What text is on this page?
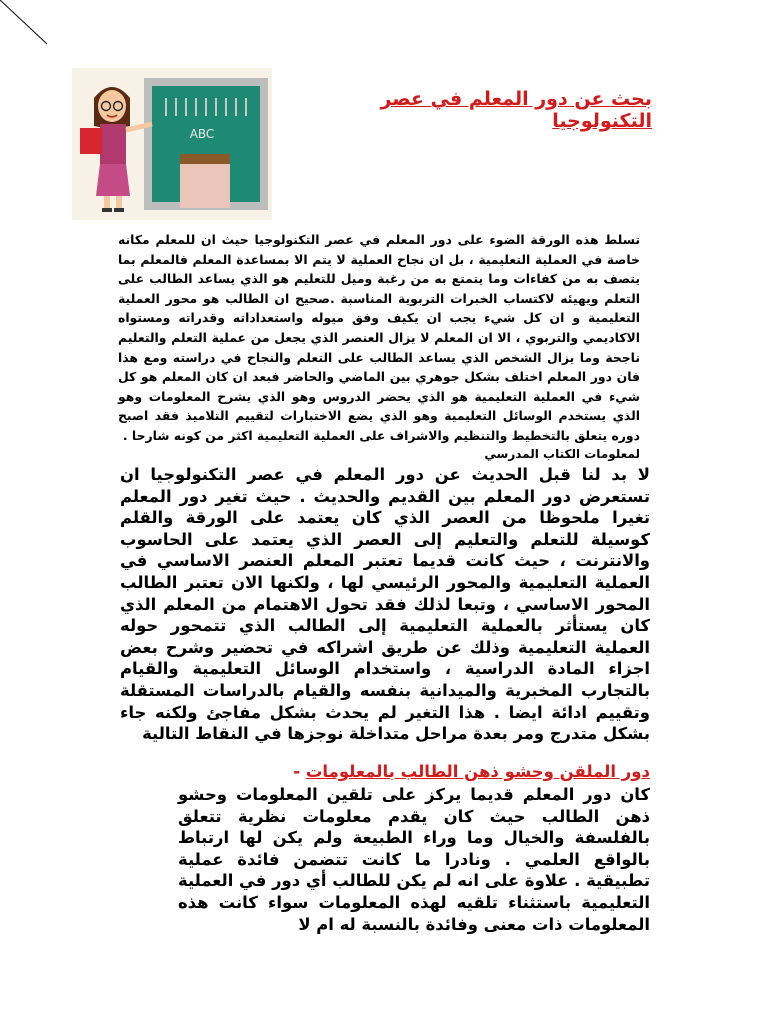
ABC
بحث عن دور المعلم في عصر التكنولوجيا

تسلط هذه الورقة الضوء على دور المعلم في عصر التكنولوجيا حيث ان للمعلم مكانه خاصة في العملية التعليمية ، بل ان نجاح العملية لا يتم الا بمساعدة المعلم فالمعلم بما يتصف به من كفاءات وما يتمتع به من رغبة وميل للتعليم هو الذي يساعد الطالب على التعلم ويهيئه لاكتساب الخبرات التربوية المناسبة .صحيح ان الطالب هو محور العملية التعليمية و ان كل شيء يجب ان يكيف وفق ميوله واستعداداته وقدراته ومستواه الاكاديمي والتربوي ، الا ان المعلم لا يزال العنصر الذي يجعل من عملية التعلم والتعليم ناجحة وما يزال الشخص الذي يساعد الطالب على التعلم والنجاح في دراسته ومع هذا فان دور المعلم اختلف بشكل جوهري بين الماضي والحاضر فبعد ان كان المعلم هو كل شيء في العملية التعليمية هو الذي يحضر الدروس وهو الذي يشرح المعلومات وهو الذي يستخدم الوسائل التعليمية وهو الذي يضع الاختبارات لتقييم التلاميذ فقد اصبح دوره يتعلق بالتخطيط والتنظيم والاشراف على العملية التعليمية اكثر من كونه شارحا .

لمعلومات الكتاب المدرسي

لا بد لنا قبل الحديث عن دور المعلم في عصر التكنولوجيا ان تستعرض دور المعلم بين القديم والحديث . حيث تغير دور المعلم تغيرا ملحوظا من العصر الذي كان يعتمد على الورقة والقلم كوسيلة للتعلم والتعليم إلى العصر الذي يعتمد على الحاسوب والانترنت ، حيث كانت قديما تعتبر المعلم العنصر الاساسي في العملية التعليمية والمحور الرئيسي لها ، ولكنها الان تعتبر الطالب المحور الاساسي ، وتبعا لذلك فقد تحول الاهتمام من المعلم الذي كان يستأثر بالعملية التعليمية إلى الطالب الذي تتمحور حوله العملية التعليمية وذلك عن طريق اشراكه في تحضير وشرح بعض اجزاء المادة الدراسية ، واستخدام الوسائل التعليمية والقيام بالتجارب المخبرية والميدانية بنفسه والقيام بالدراسات المستقلة وتقييم ادائة ايضا . هذا التغير لم يحدث بشكل مفاجئ ولكنه جاء بشكل متدرج ومر بعدة مراحل متداخلة نوجزها في النقاط التالية

دور الملقن وحشو ذهن الطالب بالمعلومات -

كان دور المعلم قديما يركز على تلقين المعلومات وحشو ذهن الطالب حيث كان يقدم معلومات نظرية تتعلق بالفلسفة والخيال وما وراء الطبيعة ولم يكن لها ارتباط بالواقع العلمي . ونادرا ما كانت تتضمن فائدة عملية تطبيقية . علاوة على انه لم يكن للطالب أي دور في العملية التعليمية باستثناء تلقيه لهذه المعلومات سواء كانت هذه المعلومات ذات معنى وفائدة بالنسبة له ام لا
